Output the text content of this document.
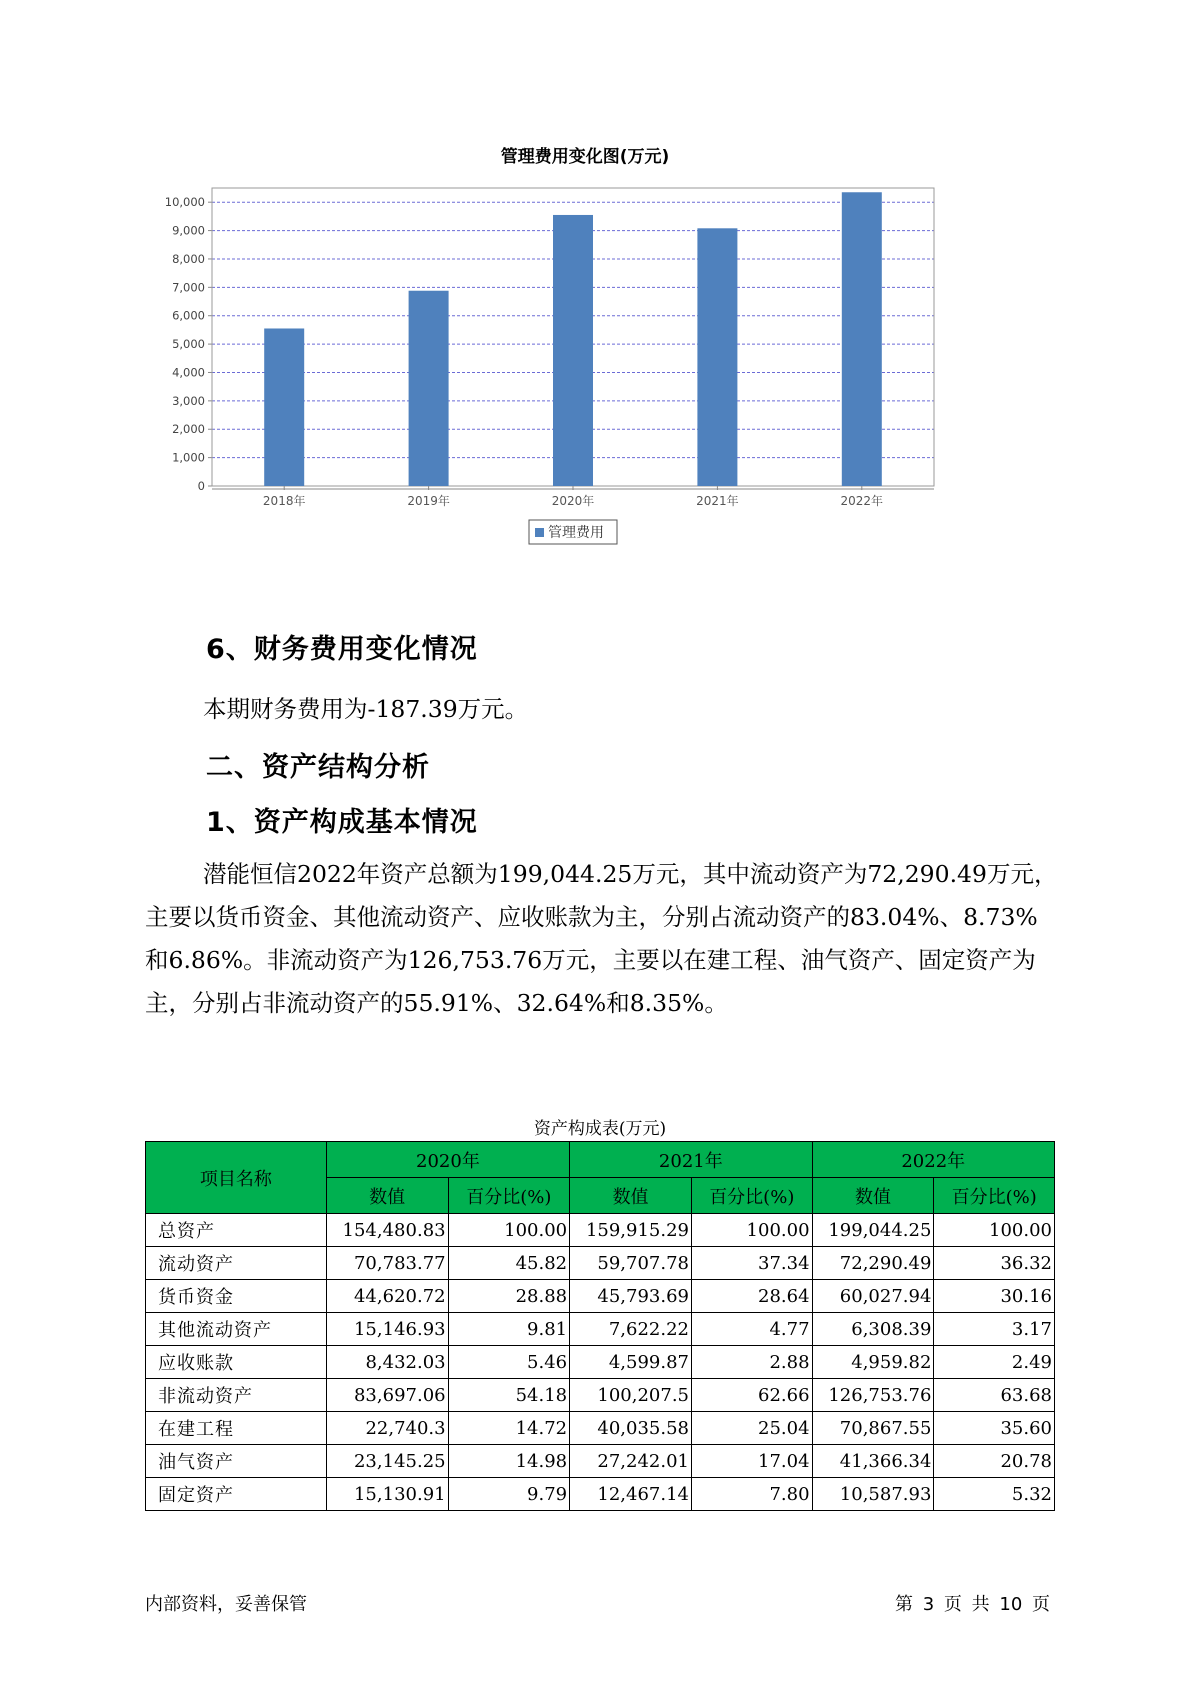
管理费用变化图(万元)
0
1,000
2,000
3,000
4,000
5,000
6,000
7,000
8,000
9,000
10,000
2018年	2019年	2020年	2021年	2022年
管理费用
6、财务费用变化情况
本期财务费用为-187.39万元。
二、资产结构分析
1、资产构成基本情况
潜能恒信2022年资产总额为199,044.25万元，其中流动资产为72,290.49万元，主要以货币资金、其他流动资产、应收账款为主，分别占流动资产的83.04%、8.73%和6.86%。非流动资产为126,753.76万元，主要以在建工程、油气资产、固定资产为主，分别占非流动资产的55.91%、32.64%和8.35%。
资产构成表(万元)
项目名称	2020年		2021年		2022年	
	数值	百分比(%)	数值	百分比(%)	数值	百分比(%)
总资产	154,480.83	100.00	159,915.29	100.00	199,044.25	100.00
流动资产	70,783.77	45.82	59,707.78	37.34	72,290.49	36.32
货币资金	44,620.72	28.88	45,793.69	28.64	60,027.94	30.16
其他流动资产	15,146.93	9.81	7,622.22	4.77	6,308.39	3.17
应收账款	8,432.03	5.46	4,599.87	2.88	4,959.82	2.49
非流动资产	83,697.06	54.18	100,207.5	62.66	126,753.76	63.68
在建工程	22,740.3	14.72	40,035.58	25.04	70,867.55	35.60
油气资产	23,145.25	14.98	27,242.01	17.04	41,366.34	20.78
固定资产	15,130.91	9.79	12,467.14	7.80	10,587.93	5.32
内部资料，妥善保管	第 3 页 共 10 页
